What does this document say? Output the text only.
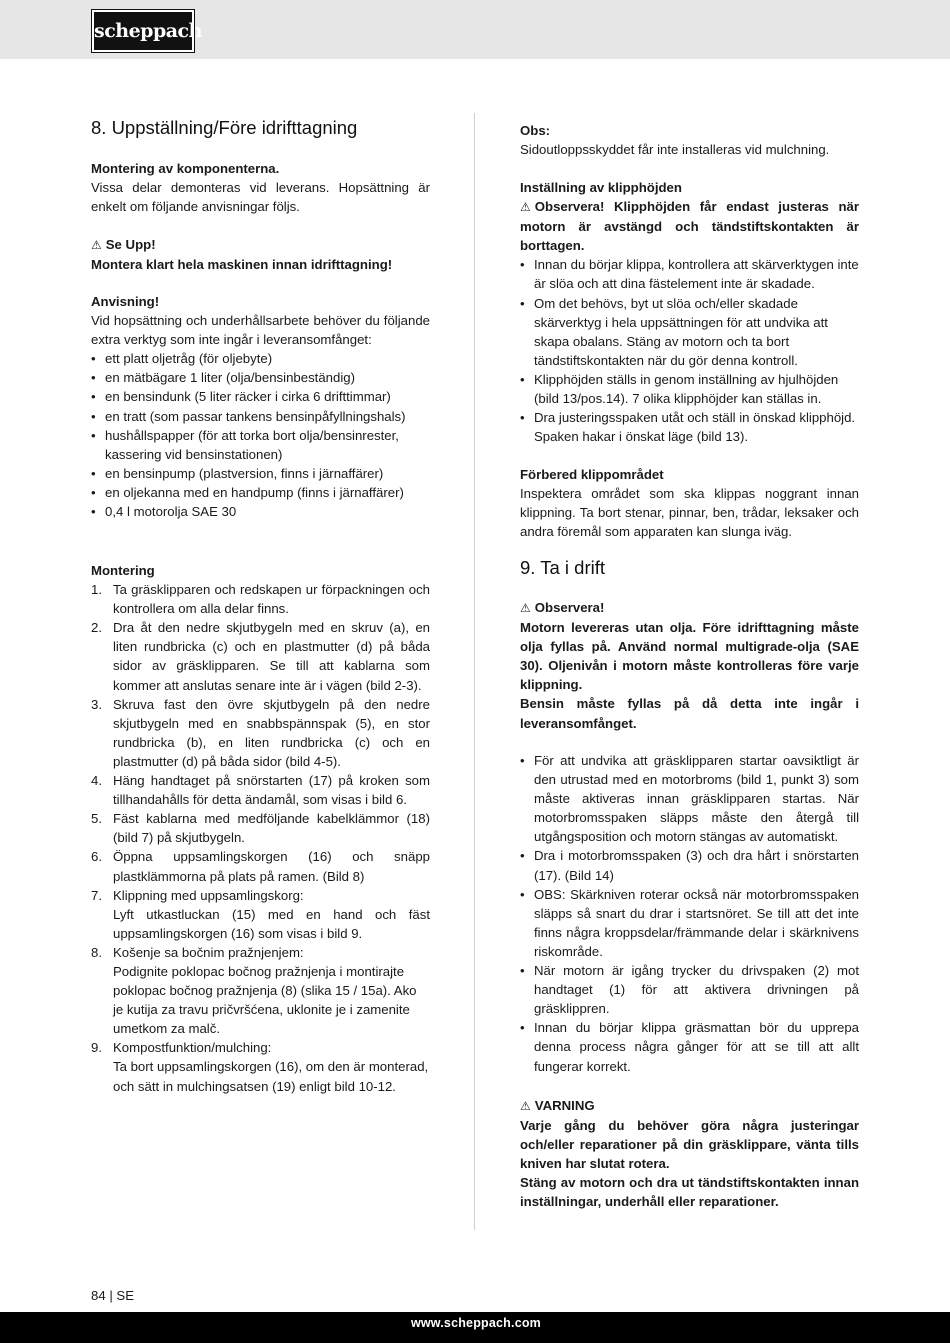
scheppach
8. Uppställning/Före idrifttagning
Montering av komponenterna.
Vissa delar demonteras vid leverans. Hopsättning är enkelt om följande anvisningar följs.
⚠ Se Upp!
Montera klart hela maskinen innan idrifttagning!
Anvisning!
Vid hopsättning och underhållsarbete behöver du följande extra verktyg som inte ingår i leveransomfånget:
• ett platt oljetråg (för oljebyte)
• en mätbägare 1 liter (olja/bensinbeständig)
• en bensindunk (5 liter räcker i cirka 6 drifttimmar)
• en tratt (som passar tankens bensinpåfyllningshals)
• hushållspapper (för att torka bort olja/bensinrester, kassering vid bensinstationen)
• en bensinpump (plastversion, finns i järnaffärer)
• en oljekanna med en handpump (finns i järnaffärer)
• 0,4 l motorolja SAE 30
Montering
1. Ta gräsklipparen och redskapen ur förpackningen och kontrollera om alla delar finns.
2. Dra åt den nedre skjutbygeln med en skruv (a), en liten rundbricka (c) och en plastmutter (d) på båda sidor av gräsklipparen. Se till att kablarna som kommer att anslutas senare inte är i vägen (bild 2-3).
3. Skruva fast den övre skjutbygeln på den nedre skjutbygeln med en snabbspännspak (5), en stor rundbricka (b), en liten rundbricka (c) och en plastmutter (d) på båda sidor (bild 4-5).
4. Häng handtaget på snörstarten (17) på kroken som tillhandahålls för detta ändamål, som visas i bild 6.
5. Fäst kablarna med medföljande kabelklämmor (18) (bild 7) på skjutbygeln.
6. Öppna uppsamlingskorgen (16) och snäpp plastklämmorna på plats på ramen. (Bild 8)
7. Klippning med uppsamlingskorg:
Lyft utkastluckan (15) med en hand och fäst uppsamlingskorgen (16) som visas i bild 9.
8. Košenje sa bočnim pražnjenjem:
Podignite poklopac bočnog pražnjenja i montirajte poklopac bočnog pražnjenja (8) (slika 15 / 15a). Ako je kutija za travu pričvršćena, uklonite je i zamenite umetkom za malč.
9. Kompostfunktion/mulching:
Ta bort uppsamlingskorgen (16), om den är monterad, och sätt in mulchingsatsen (19) enligt bild 10-12.
Obs:
Sidoutloppsskyddet får inte installeras vid mulchning.
Inställning av klipphöjden
⚠ Observera! Klipphöjden får endast justeras när motorn är avstängd och tändstiftskontakten är borttagen.
• Innan du börjar klippa, kontrollera att skärverktygen inte är slöa och att dina fästelement inte är skadade.
• Om det behövs, byt ut slöa och/eller skadade skärverktyg i hela uppsättningen för att undvika att skapa obalans. Stäng av motorn och ta bort tändstiftskontakten när du gör denna kontroll.
• Klipphöjden ställs in genom inställning av hjulhöjden (bild 13/pos.14). 7 olika klipphöjder kan ställas in.
• Dra justeringsspaken utåt och ställ in önskad klipphöjd. Spaken hakar i önskat läge (bild 13).
Förbered klippområdet
Inspektera området som ska klippas noggrant innan klippning. Ta bort stenar, pinnar, ben, trådar, leksaker och andra föremål som apparaten kan slunga iväg.
9. Ta i drift
⚠ Observera!
Motorn levereras utan olja. Före idrifttagning måste olja fyllas på. Använd normal multigrade-olja (SAE 30). Oljenivån i motorn måste kontrolleras före varje klippning.
Bensin måste fyllas på då detta inte ingår i leveransomfånget.
• För att undvika att gräsklipparen startar oavsiktligt är den utrustad med en motorbroms (bild 1, punkt 3) som måste aktiveras innan gräsklipparen startas. När motorbromsspaken släpps måste den återgå till utgångsposition och motorn stängas av automatiskt.
• Dra i motorbromsspaken (3) och dra hårt i snörstarten (17). (Bild 14)
• OBS: Skärkniven roterar också när motorbromsspaken släpps så snart du drar i startsnöret. Se till att det inte finns några kroppsdelar/främmande delar i skärknivens riskområde.
• När motorn är igång trycker du drivspaken (2) mot handtaget (1) för att aktivera drivningen på gräsklippren.
• Innan du börjar klippa gräsmattan bör du upprepa denna process några gånger för att se till att allt fungerar korrekt.
⚠ VARNING
Varje gång du behöver göra några justeringar och/eller reparationer på din gräsklippare, vänta tills kniven har slutat rotera.
Stäng av motorn och dra ut tändstiftskontakten innan inställningar, underhåll eller reparationer.
84 | SE
www.scheppach.com
